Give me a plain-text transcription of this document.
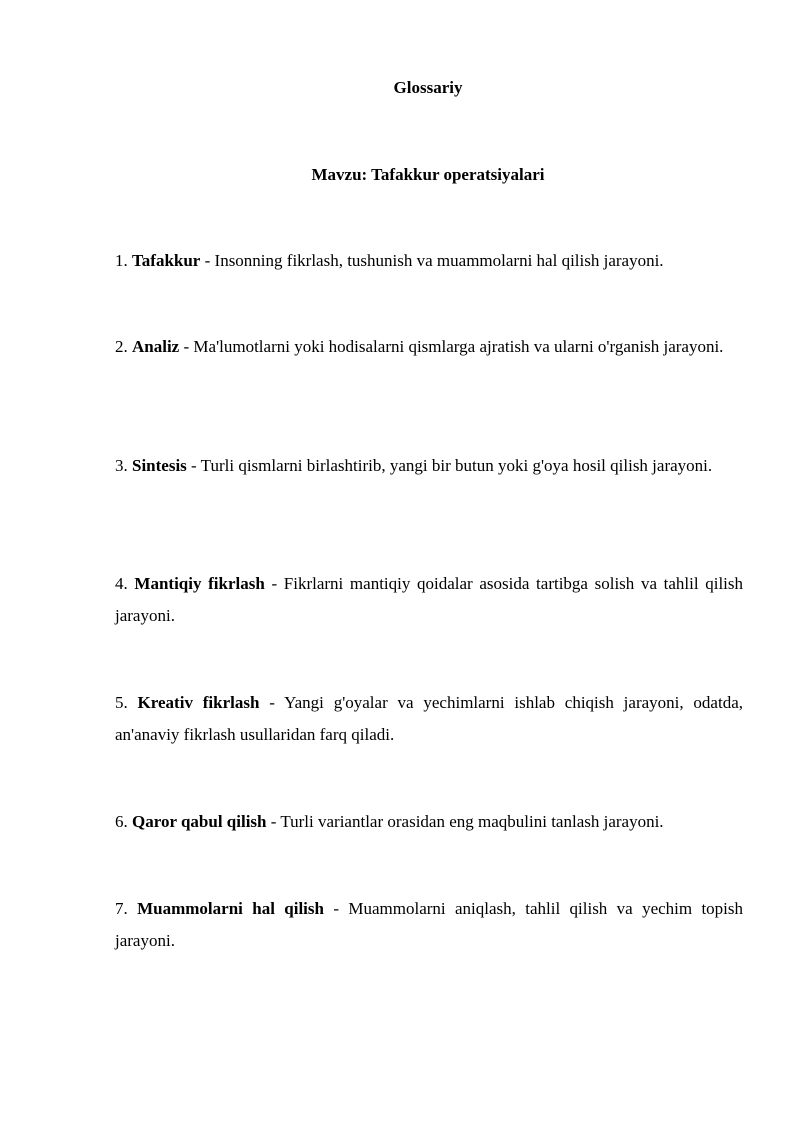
Glossariy
Mavzu: Tafakkur operatsiyalari
1. Tafakkur - Insonning fikrlash, tushunish va muammolarni hal qilish jarayoni.
2. Analiz - Ma'lumotlarni yoki hodisalarni qismlarga ajratish va ularni o'rganish jarayoni.
3. Sintesis - Turli qismlarni birlashtirib, yangi bir butun yoki g'oya hosil qilish jarayoni.
4. Mantiqiy fikrlash - Fikrlarni mantiqiy qoidalar asosida tartibga solish va tahlil qilish jarayoni.
5. Kreativ fikrlash - Yangi g'oyalar va yechimlarni ishlab chiqish jarayoni, odatda, an'anaviy fikrlash usullaridan farq qiladi.
6. Qaror qabul qilish - Turli variantlar orasidan eng maqbulini tanlash jarayoni.
7. Muammolarni hal qilish - Muammolarni aniqlash, tahlil qilish va yechim topish jarayoni.
